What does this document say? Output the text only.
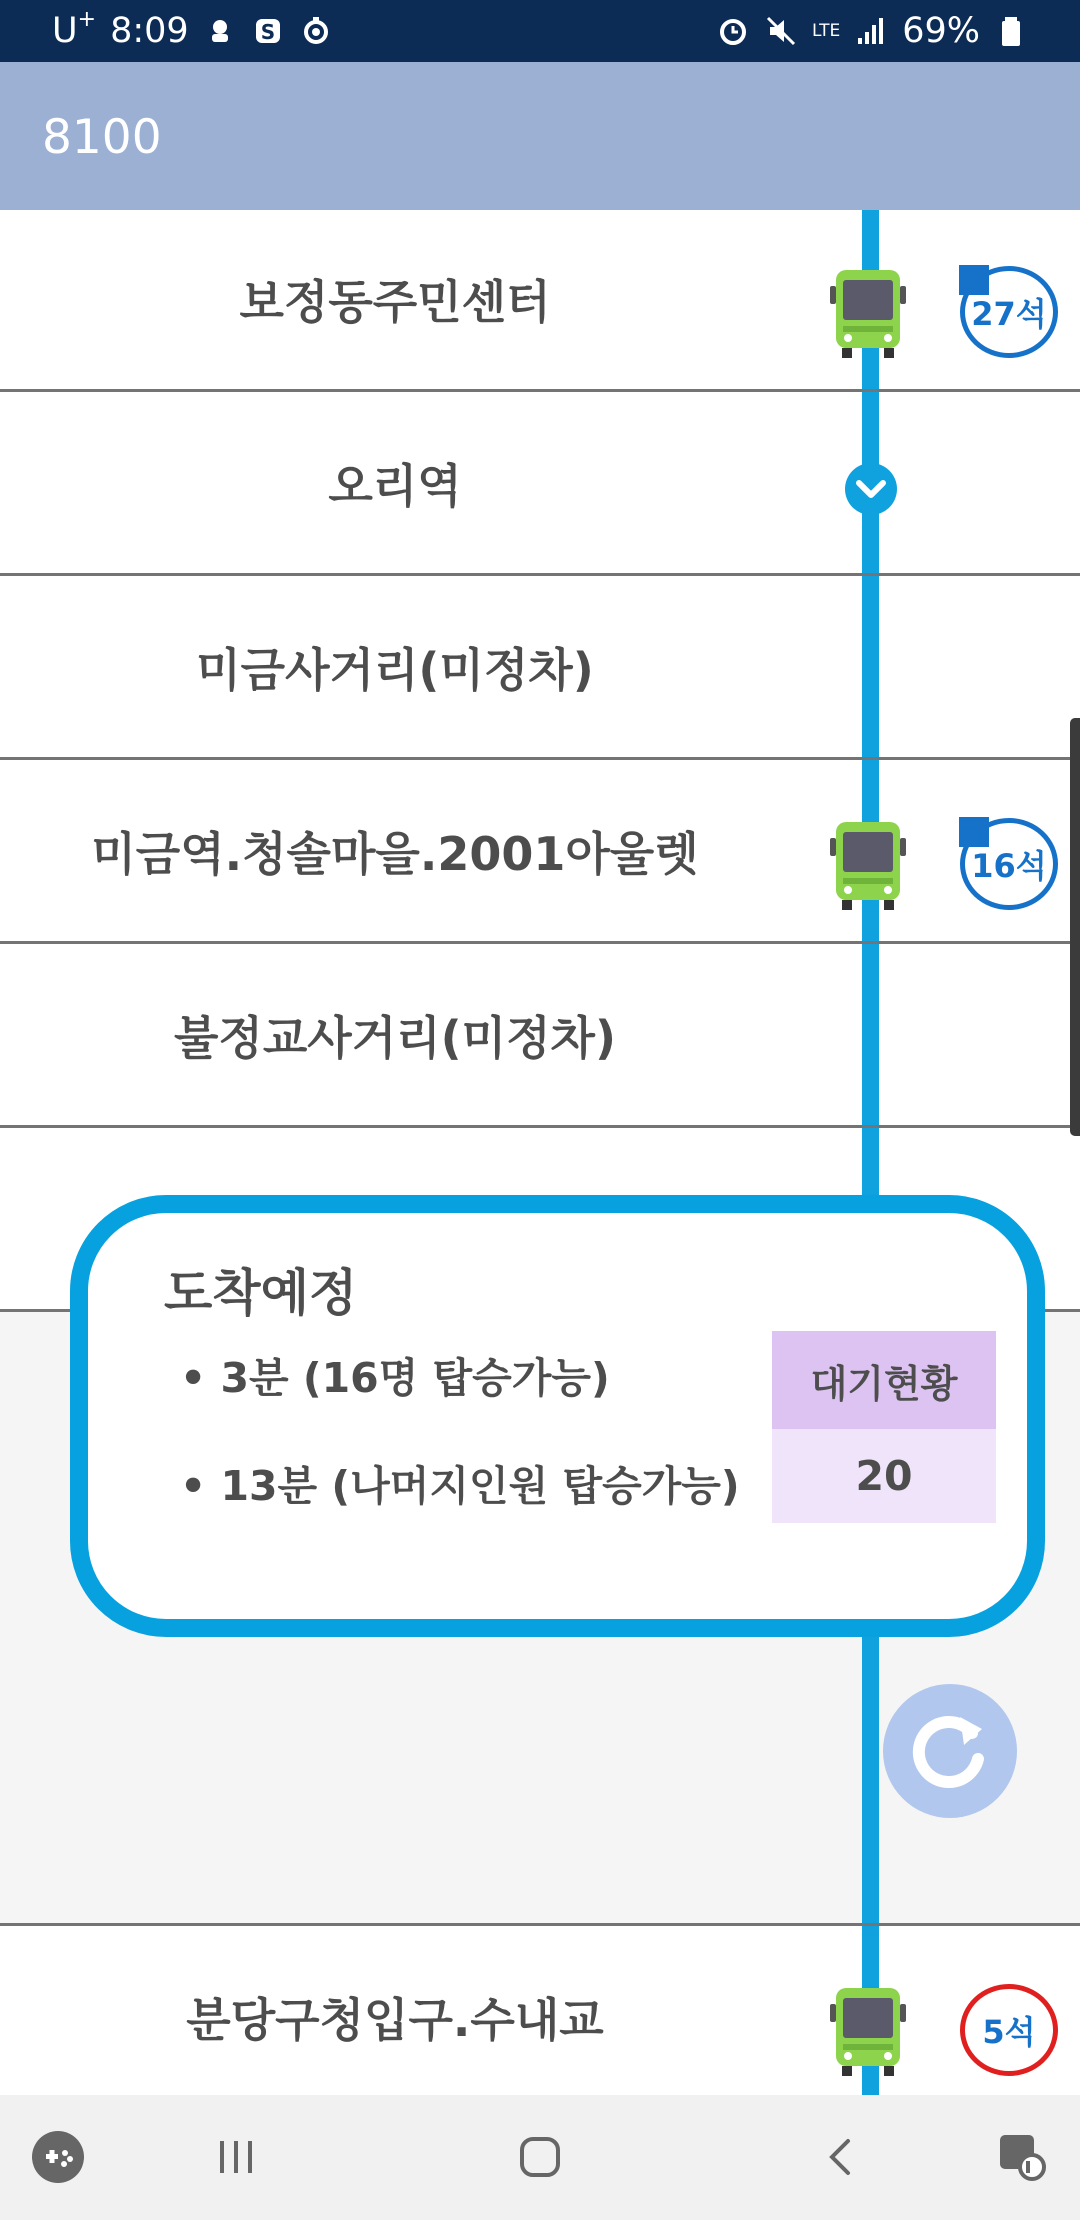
U+ 8:09	S	LTE 69%
8100
보정동주민센터	27석
오리역
미금사거리(미정차)
미금역.청솔마을.2001아울렛	16석
불정교사거리(미정차)
도착예정
• 3분 (16명 탑승가능)
• 13분 (나머지인원 탑승가능)
대기현황
20
분당구청입구.수내교	5석
